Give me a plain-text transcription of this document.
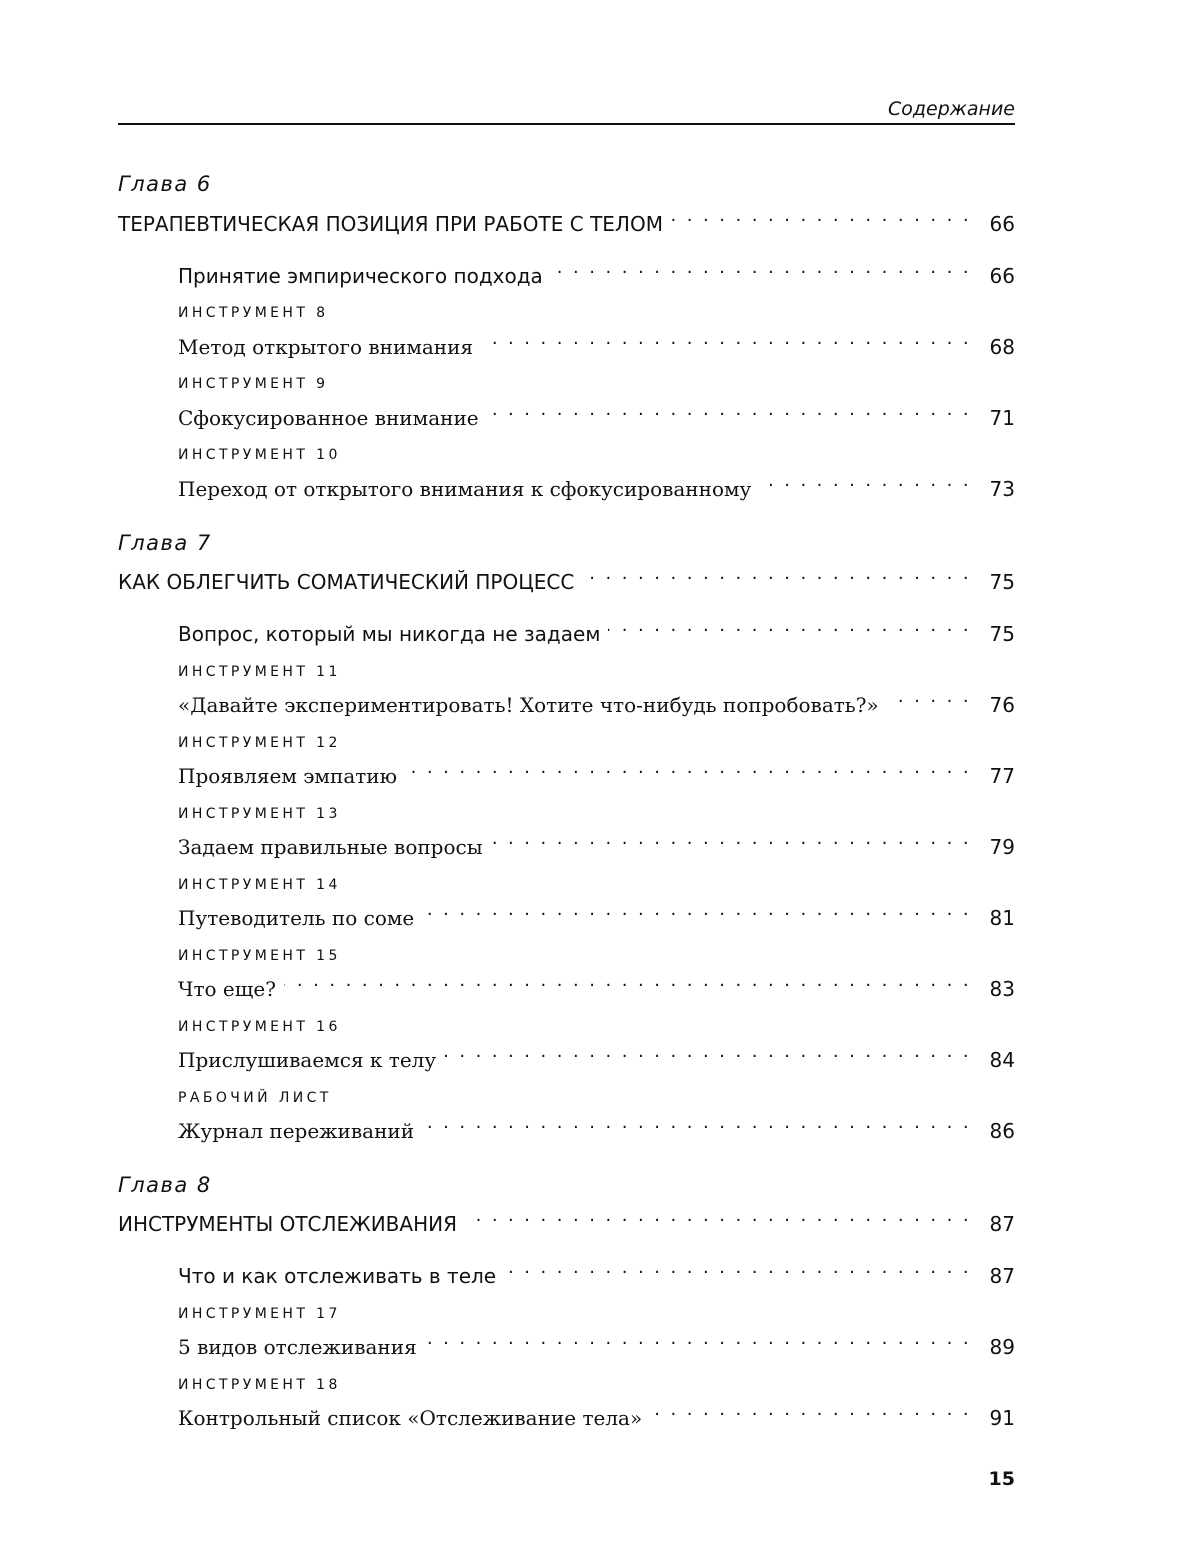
Содержание
Глава 6
ТЕРАПЕВТИЧЕСКАЯ ПОЗИЦИЯ ПРИ РАБОТЕ С ТЕЛОМ . . .	66
Принятие эмпирического подхода . . .	66
ИНСТРУМЕНТ 8
Метод открытого внимания . . .	68
ИНСТРУМЕНТ 9
Сфокусированное внимание . . .	71
ИНСТРУМЕНТ 10
Переход от открытого внимания к сфокусированному . . .	73
Глава 7
КАК ОБЛЕГЧИТЬ СОМАТИЧЕСКИЙ ПРОЦЕСС . . .	75
Вопрос, который мы никогда не задаем . . .	75
ИНСТРУМЕНТ 11
«Давайте экспериментировать! Хотите что-нибудь попробовать?» . . .	76
ИНСТРУМЕНТ 12
Проявляем эмпатию . . .	77
ИНСТРУМЕНТ 13
Задаем правильные вопросы . . .	79
ИНСТРУМЕНТ 14
Путеводитель по соме . . .	81
ИНСТРУМЕНТ 15
Что еще? . . .	83
ИНСТРУМЕНТ 16
Прислушиваемся к телу . . .	84
РАБОЧИЙ ЛИСТ
Журнал переживаний . . .	86
Глава 8
ИНСТРУМЕНТЫ ОТСЛЕЖИВАНИЯ . . .	87
Что и как отслеживать в теле . . .	87
ИНСТРУМЕНТ 17
5 видов отслеживания . . .	89
ИНСТРУМЕНТ 18
Контрольный список «Отслеживание тела» . . .	91
15
